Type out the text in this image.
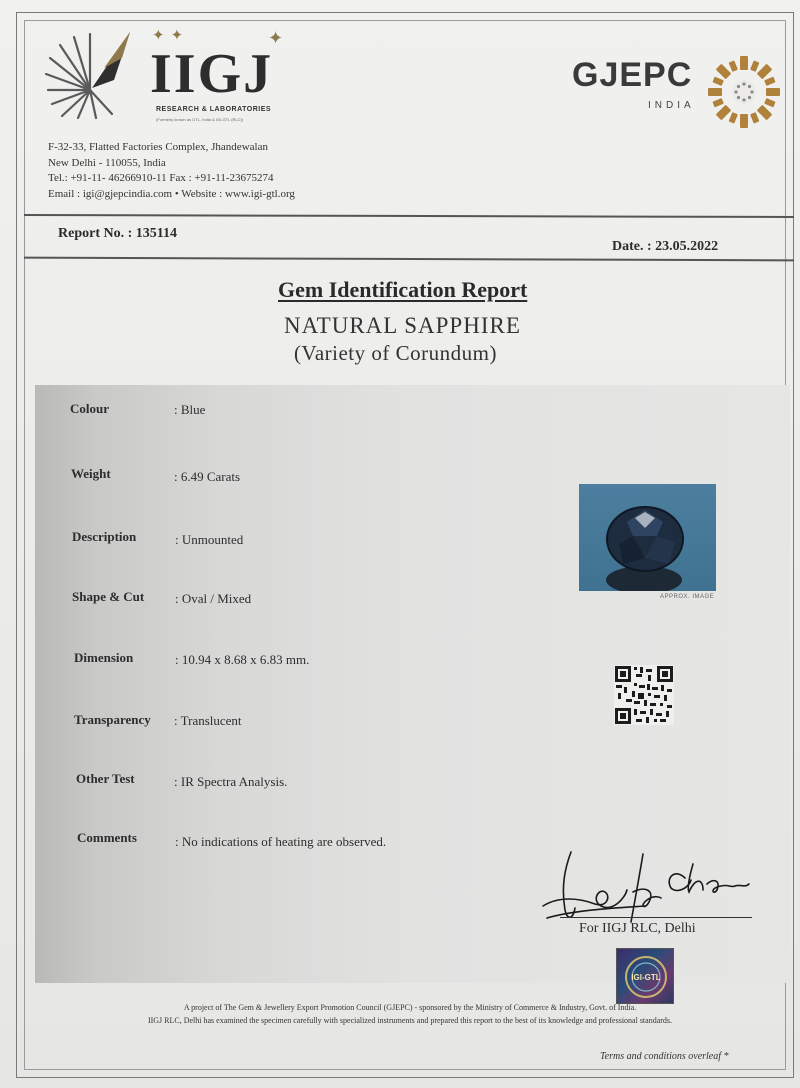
✦✦	✦
IIGJ
RESEARCH & LABORATORIES
(Formerly known as GTL, India & IGI-GTL (RLC))
F-32-33, Flatted Factories Complex, Jhandewalan
New Delhi - 110055, India
Tel.: +91-11- 46266910-11 Fax : +91-11-23675274
Email : igi@gjepcindia.com • Website : www.igi-gtl.org
GJEPC
INDIA
Report No. : 135114
Date. : 23.05.2022
Gem Identification Report
NATURAL SAPPHIRE
(Variety of Corundum)
Colour	: Blue
Weight	: 6.49 Carats
Description	: Unmounted
Shape & Cut : Oval / Mixed
Dimension	: 10.94 x 8.68 x 6.83 mm.
Transparency : Translucent
Other Test	: IR Spectra Analysis.
Comments	: No indications of heating are observed.
APPROX. IMAGE
For IIGJ RLC, Delhi
IGI-GTL
A project of The Gem & Jewellery Export Promotion Council (GJEPC) - sponsored by the Ministry of Commerce & Industry, Govt. of India.
IIGJ RLC, Delhi has examined the specimen carefully with specialized instruments and prepared this report to the best of its knowledge and professional standards.
Terms and conditions overleaf *
